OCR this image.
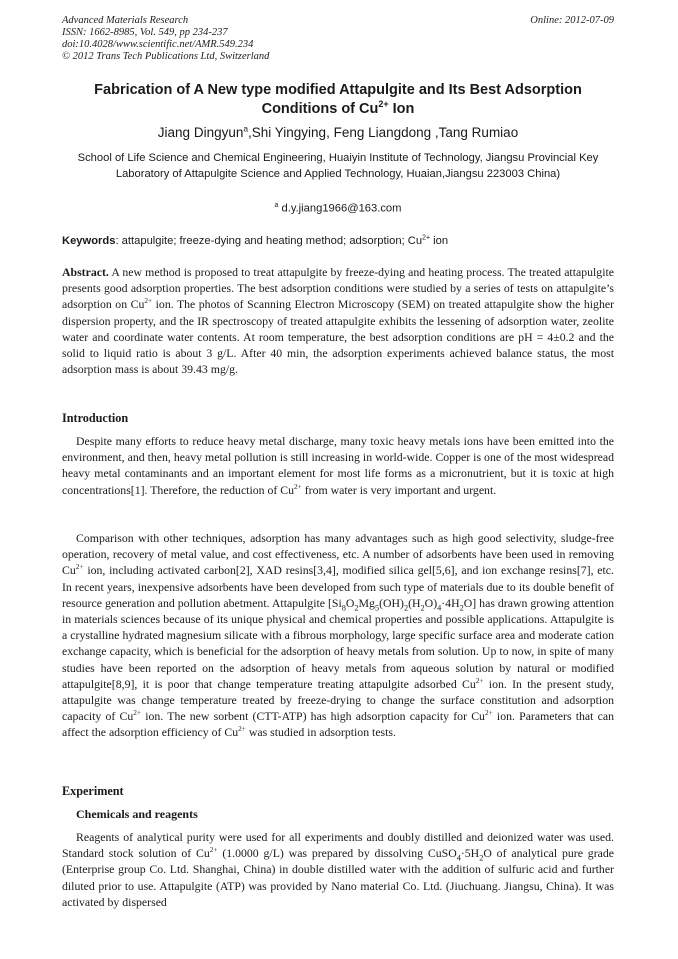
Advanced Materials Research
ISSN: 1662-8985, Vol. 549, pp 234-237
doi:10.4028/www.scientific.net/AMR.549.234
© 2012 Trans Tech Publications Ltd, Switzerland
Online: 2012-07-09
Fabrication of A New type modified Attapulgite and Its Best Adsorption
Conditions of $Cu^{2+}$ Ion
Jiang Dingyun$^a$,Shi Yingying, Feng Liangdong ,Tang Rumiao
School of Life Science and Chemical Engineering, Huaiyin Institute of Technology, Jiangsu Provincial Key Laboratory of Attapulgite Science and Applied Technology, Huaian,Jiangsu 223003 China)
$^a$ d.y.jiang1966@163.com
Keywords: attapulgite; freeze-dying and heating method; adsorption; $Cu^{2+}$ ion
Abstract. A new method is proposed to treat attapulgite by freeze-dying and heating process. The treated attapulgite presents good adsorption properties. The best adsorption conditions were studied by a series of tests on attapulgite’s adsorption on $Cu^{2+}$ ion. The photos of Scanning Electron Microscopy (SEM) on treated attapulgite show the higher dispersion property, and the IR spectroscopy of treated attapulgite exhibits the lessening of adsorption water, zeolite water and coordinate water contents. At room temperature, the best adsorption conditions are pH = 4±0.2 and the solid to liquid ratio is about 3 g/L. After 40 min, the adsorption experiments achieved balance status, the most adsorption mass is about 39.43 mg/g.
Introduction
Despite many efforts to reduce heavy metal discharge, many toxic heavy metals ions have been emitted into the environment, and then, heavy metal pollution is still increasing in world-wide. Copper is one of the most widespread heavy metal contaminants and an important element for most life forms as a micronutrient, but it is toxic at high concentrations[1]. Therefore, the reduction of $Cu^{2+}$ from water is very important and urgent.
Comparison with other techniques, adsorption has many advantages such as high good selectivity, sludge-free operation, recovery of metal value, and cost effectiveness, etc. A number of adsorbents have been used in removing $Cu^{2+}$ ion, including activated carbon[2], XAD resins[3,4], modified silica gel[5,6], and ion exchange resins[7], etc. In recent years, inexpensive adsorbents have been developed from such type of materials due to its double benefit of resource generation and pollution abetment. Attapulgite $[Si_8O_2Mg_5(OH)_2(H_2O)_4\cdot 4H_2O]$ has drawn growing attention in materials sciences because of its unique physical and chemical properties and possible applications. Attapulgite is a crystalline hydrated magnesium silicate with a fibrous morphology, large specific surface area and moderate cation exchange capacity, which is beneficial for the adsorption of heavy metals from solution. Up to now, in spite of many studies have been reported on the adsorption of heavy metals from aqueous solution by natural or modified attapulgite[8,9], it is poor that change temperature treating attapulgite adsorbed $Cu^{2+}$ ion. In the present study, attapulgite was change temperature treated by freeze-drying to change the surface constitution and adsorption capacity of $Cu^{2+}$ ion. The new sorbent (CTT-ATP) has high adsorption capacity for $Cu^{2+}$ ion. Parameters that can affect the adsorption efficiency of $Cu^{2+}$ was studied in adsorption tests.
Experiment
Chemicals and reagents
Reagents of analytical purity were used for all experiments and doubly distilled and deionized water was used. Standard stock solution of $Cu^{2+}$ (1.0000 g/L) was prepared by dissolving $CuSO_4\cdot 5H_2O$ of analytical pure grade (Enterprise group Co. Ltd. Shanghai, China) in double distilled water with the addition of sulfuric acid and further diluted prior to use. Attapulgite (ATP) was provided by Nano material Co. Ltd. (Jiuchuang. Jiangsu, China). It was activated by dispersed
